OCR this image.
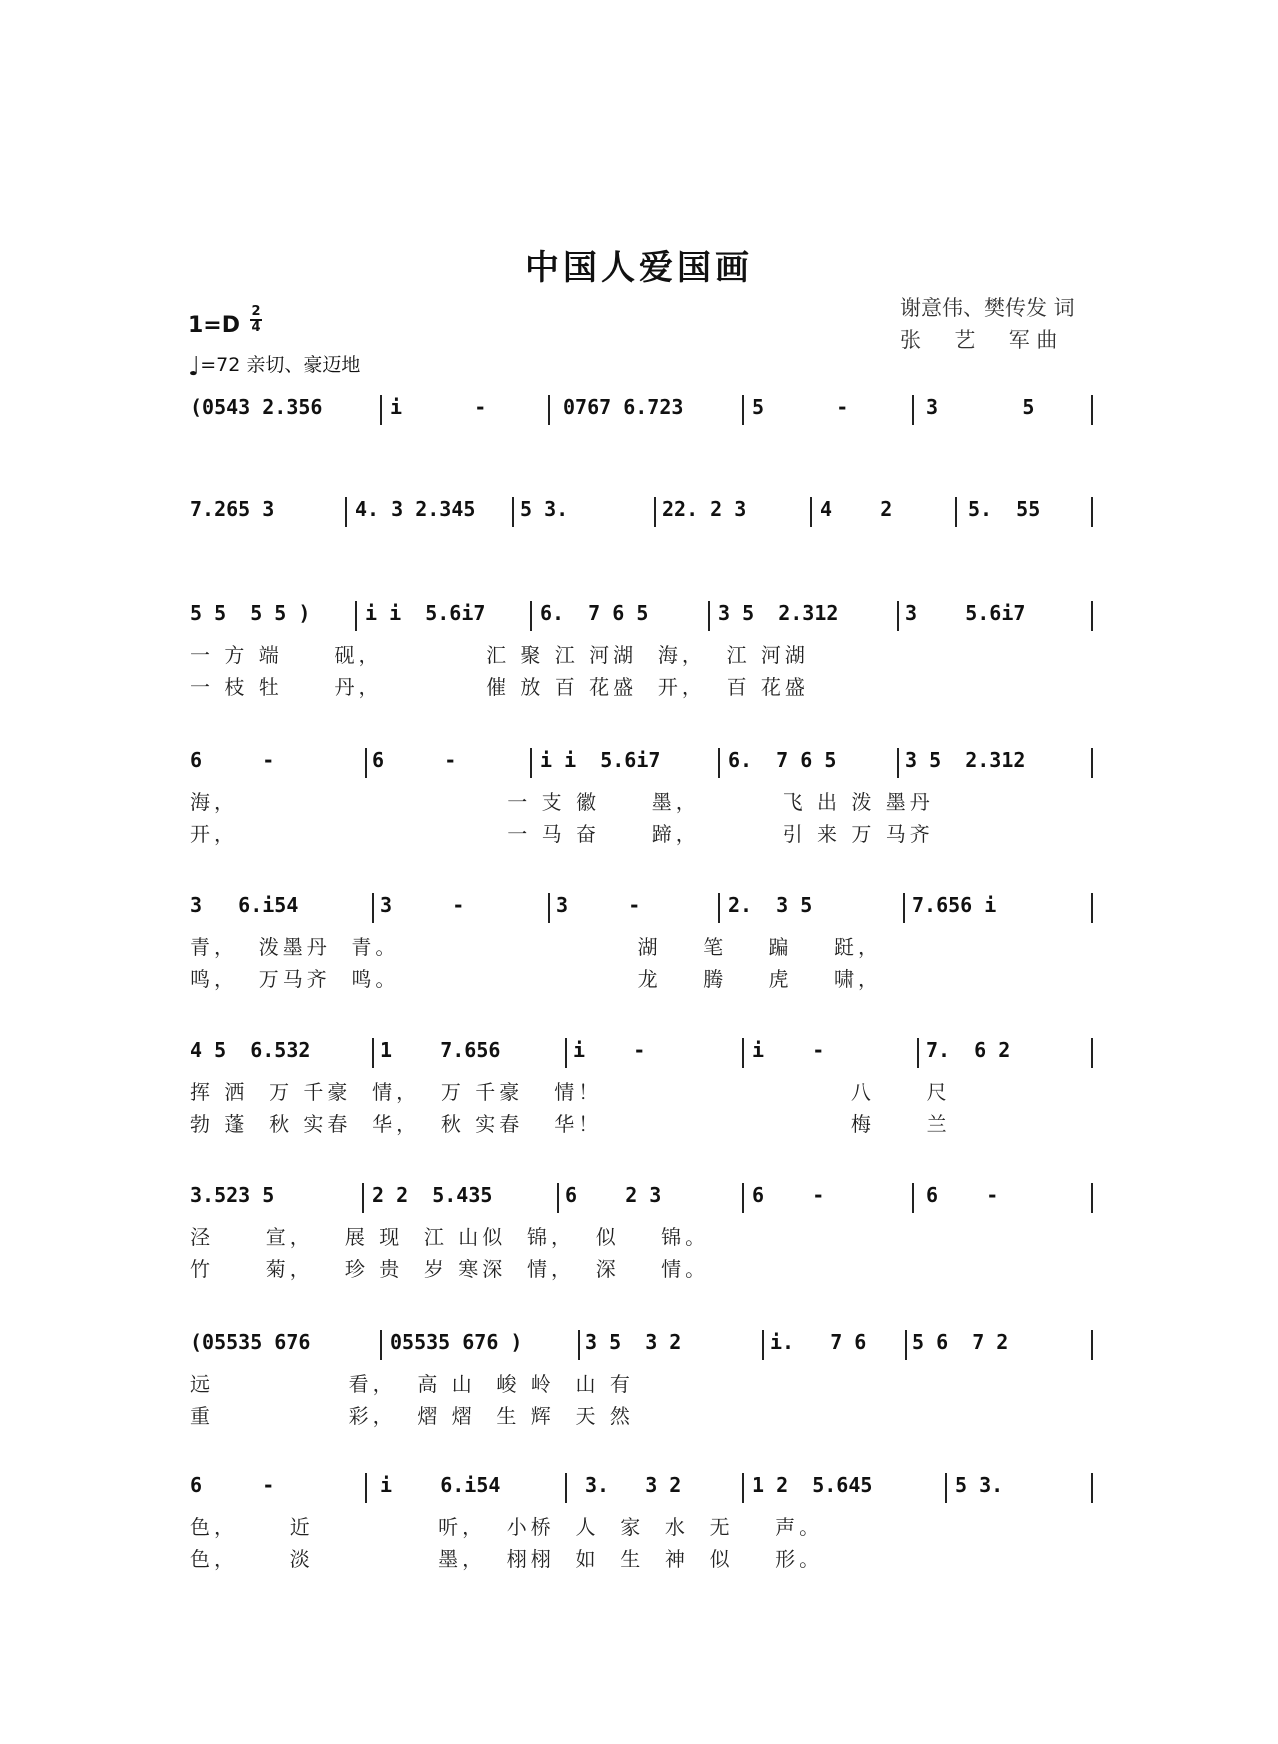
中国人爱国画
谢意伟、樊传发 词
张     艺     军 曲
1=D
2
4
♩=72 亲切、豪迈地
(0543 2.356	i      -	0767 6.723	5      -	3       5
7.265 3	4. 3 2.345 5 3.	22. 2 3	4    2	5.  55
5 5  5 5 )	i i  5.6i7	6.  7 6 5	3 5  2.312	3    5.6i7
一 方 端     砚，          汇 聚 江 河湖  海，  江 河湖
一 枝 牡     丹，          催 放 百 花盛  开，  百 花盛
6     -	6     -	i i  5.6i7	6.  7 6 5	3 5  2.312
海，                          一 支 徽     墨，        飞 出 泼 墨丹
开，                          一 马 奋     蹄，        引 来 万 马齐
3   6.i54	3     -	3     -	2.  3 5	7.656 i
青，  泼墨丹  青。                       湖    笔    蹁    跹，
鸣，  万马齐  鸣。                       龙    腾    虎    啸，
4 5  6.532	1    7.656	i    -	i    -	7.  6 2
挥 洒  万 千豪  情，  万 千豪   情！                        八     尺
勃 蓬  秋 实春  华，  秋 实春   华！                        梅     兰
3.523 5	2 2  5.435	6    2 3	6    -	6    -
泾     宣，   展 现  江 山似  锦，  似    锦。
竹     菊，   珍 贵  岁 寒深  情，  深    情。
(05535 676	05535 676 )	3 5  3 2	i.   7 6 5 6  7 2
远             看，  高 山  峻 岭  山 有
重             彩，  熠 熠  生 辉  天 然
6     -	i    6.i54	3.   3 2	1 2  5.645	5 3.
色，     近            听，  小桥  人  家  水  无    声。
色，     淡            墨，  栩栩  如  生  神  似    形。
